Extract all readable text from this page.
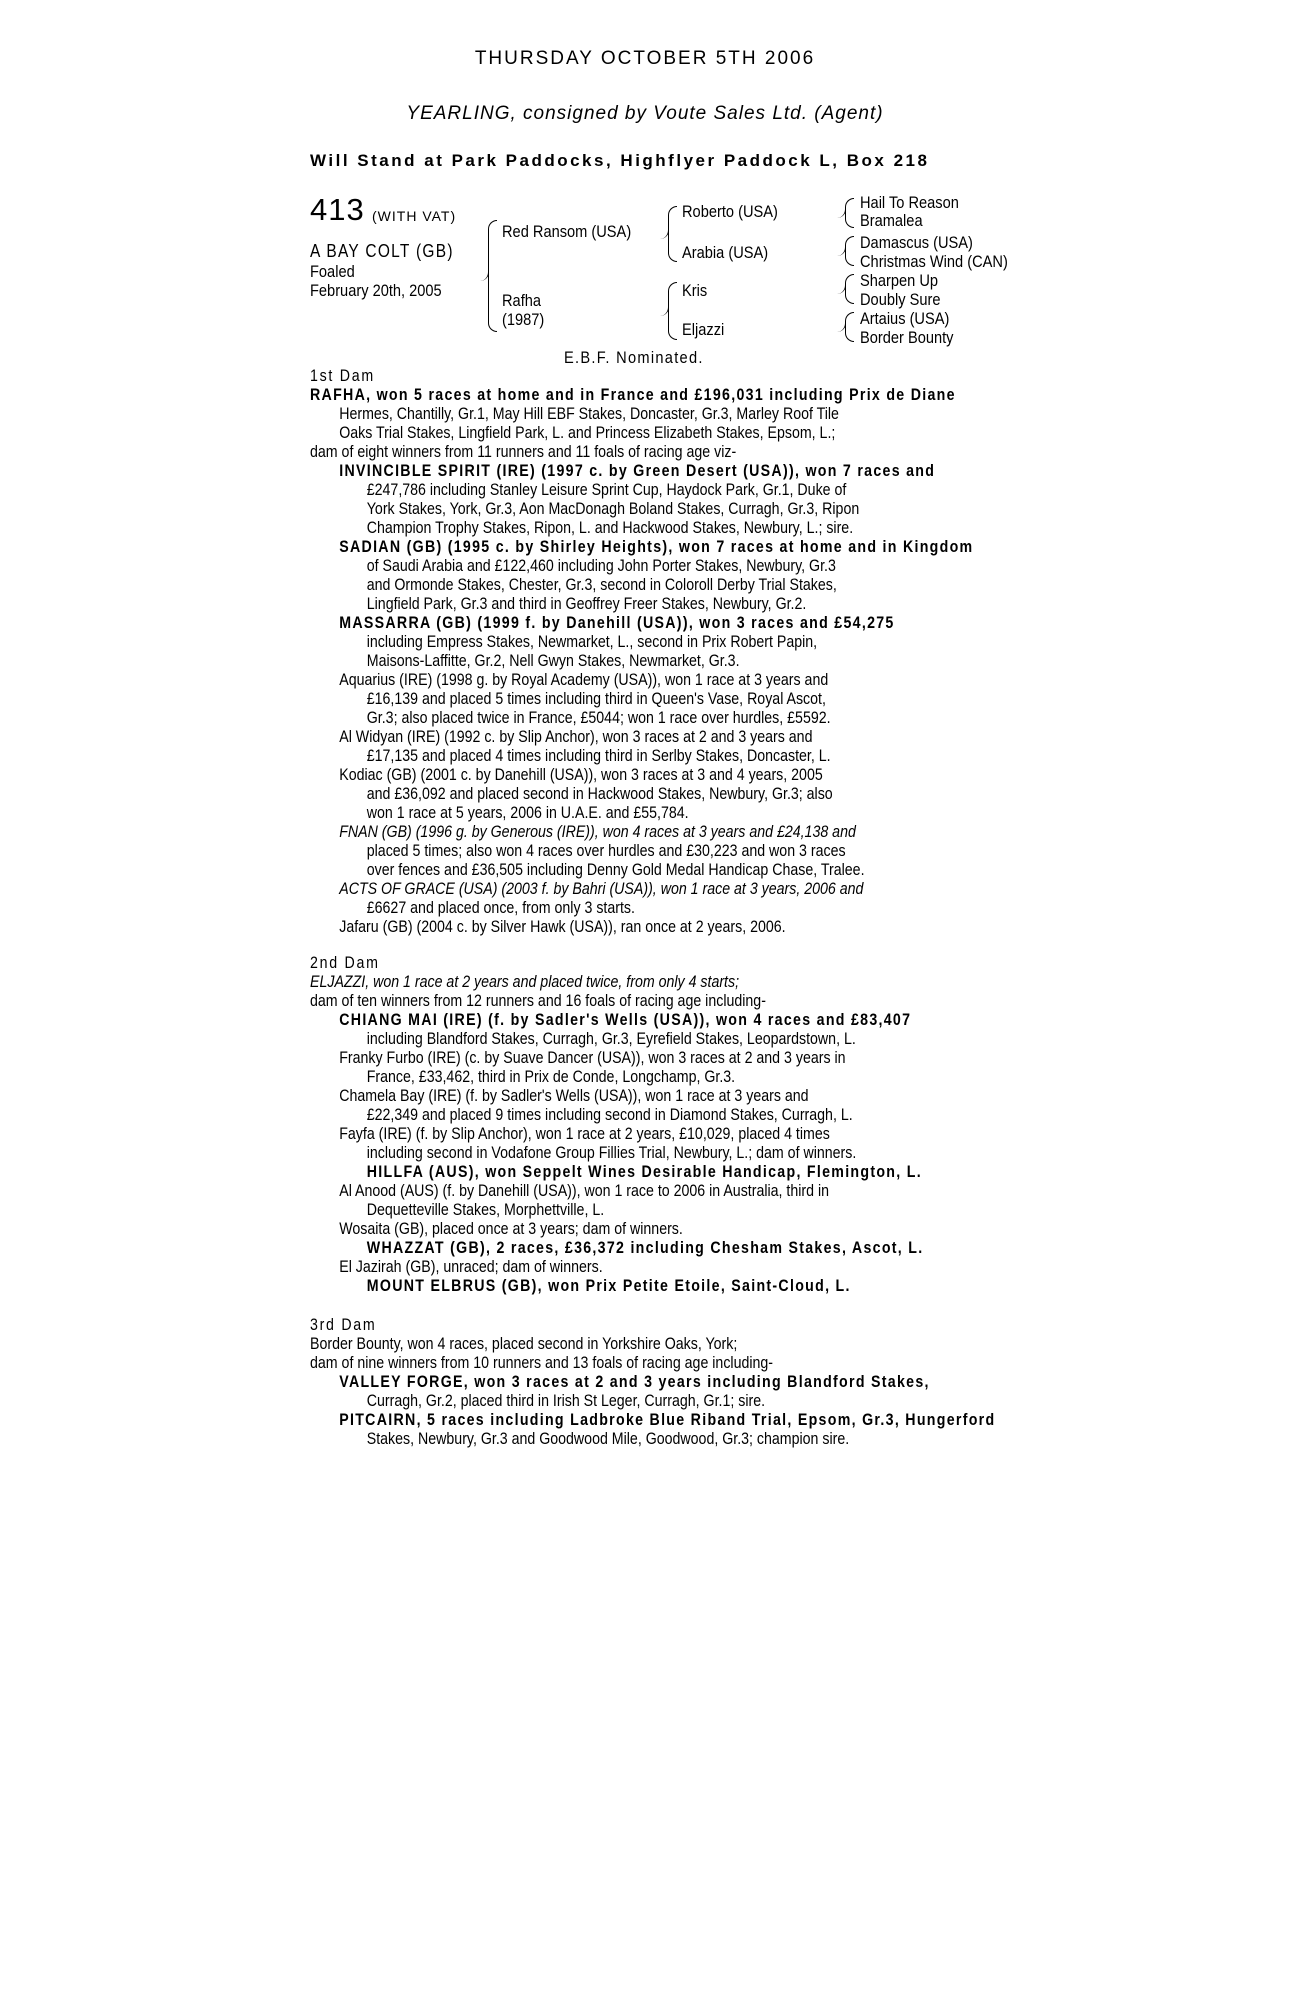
THURSDAY OCTOBER 5TH 2006
YEARLING, consigned by Voute Sales Ltd. (Agent)
Will Stand at Park Paddocks, Highflyer Paddock L, Box 218
413 (WITH VAT)
A BAY COLT (GB)
Foaled
February 20th, 2005
Red Ransom (USA)
Rafha
(1987)
Roberto (USA)
Arabia (USA)
Kris
Eljazzi
Hail To Reason
Bramalea
Damascus (USA)
Christmas Wind (CAN)
Sharpen Up
Doubly Sure
Artaius (USA)
Border Bounty
E.B.F. Nominated.
1st Dam
RAFHA, won 5 races at home and in France and £196,031 including Prix de Diane
Hermes, Chantilly, Gr.1, May Hill EBF Stakes, Doncaster, Gr.3, Marley Roof Tile
Oaks Trial Stakes, Lingfield Park, L. and Princess Elizabeth Stakes, Epsom, L.;
dam of eight winners from 11 runners and 11 foals of racing age viz-
INVINCIBLE SPIRIT (IRE) (1997 c. by Green Desert (USA)), won 7 races and
£247,786 including Stanley Leisure Sprint Cup, Haydock Park, Gr.1, Duke of
York Stakes, York, Gr.3, Aon MacDonagh Boland Stakes, Curragh, Gr.3, Ripon
Champion Trophy Stakes, Ripon, L. and Hackwood Stakes, Newbury, L.; sire.
SADIAN (GB) (1995 c. by Shirley Heights), won 7 races at home and in Kingdom
of Saudi Arabia and £122,460 including John Porter Stakes, Newbury, Gr.3
and Ormonde Stakes, Chester, Gr.3, second in Coloroll Derby Trial Stakes,
Lingfield Park, Gr.3 and third in Geoffrey Freer Stakes, Newbury, Gr.2.
MASSARRA (GB) (1999 f. by Danehill (USA)), won 3 races and £54,275
including Empress Stakes, Newmarket, L., second in Prix Robert Papin,
Maisons-Laffitte, Gr.2, Nell Gwyn Stakes, Newmarket, Gr.3.
Aquarius (IRE) (1998 g. by Royal Academy (USA)), won 1 race at 3 years and
£16,139 and placed 5 times including third in Queen's Vase, Royal Ascot,
Gr.3; also placed twice in France, £5044; won 1 race over hurdles, £5592.
Al Widyan (IRE) (1992 c. by Slip Anchor), won 3 races at 2 and 3 years and
£17,135 and placed 4 times including third in Serlby Stakes, Doncaster, L.
Kodiac (GB) (2001 c. by Danehill (USA)), won 3 races at 3 and 4 years, 2005
and £36,092 and placed second in Hackwood Stakes, Newbury, Gr.3; also
won 1 race at 5 years, 2006 in U.A.E. and £55,784.
FNAN (GB) (1996 g. by Generous (IRE)), won 4 races at 3 years and £24,138 and
placed 5 times; also won 4 races over hurdles and £30,223 and won 3 races
over fences and £36,505 including Denny Gold Medal Handicap Chase, Tralee.
ACTS OF GRACE (USA) (2003 f. by Bahri (USA)), won 1 race at 3 years, 2006 and
£6627 and placed once, from only 3 starts.
Jafaru (GB) (2004 c. by Silver Hawk (USA)), ran once at 2 years, 2006.
2nd Dam
ELJAZZI, won 1 race at 2 years and placed twice, from only 4 starts;
dam of ten winners from 12 runners and 16 foals of racing age including-
CHIANG MAI (IRE) (f. by Sadler's Wells (USA)), won 4 races and £83,407
including Blandford Stakes, Curragh, Gr.3, Eyrefield Stakes, Leopardstown, L.
Franky Furbo (IRE) (c. by Suave Dancer (USA)), won 3 races at 2 and 3 years in
France, £33,462, third in Prix de Conde, Longchamp, Gr.3.
Chamela Bay (IRE) (f. by Sadler's Wells (USA)), won 1 race at 3 years and
£22,349 and placed 9 times including second in Diamond Stakes, Curragh, L.
Fayfa (IRE) (f. by Slip Anchor), won 1 race at 2 years, £10,029, placed 4 times
including second in Vodafone Group Fillies Trial, Newbury, L.; dam of winners.
HILLFA (AUS), won Seppelt Wines Desirable Handicap, Flemington, L.
Al Anood (AUS) (f. by Danehill (USA)), won 1 race to 2006 in Australia, third in
Dequetteville Stakes, Morphettville, L.
Wosaita (GB), placed once at 3 years; dam of winners.
WHAZZAT (GB), 2 races, £36,372 including Chesham Stakes, Ascot, L.
El Jazirah (GB), unraced; dam of winners.
MOUNT ELBRUS (GB), won Prix Petite Etoile, Saint-Cloud, L.
3rd Dam
Border Bounty, won 4 races, placed second in Yorkshire Oaks, York;
dam of nine winners from 10 runners and 13 foals of racing age including-
VALLEY FORGE, won 3 races at 2 and 3 years including Blandford Stakes,
Curragh, Gr.2, placed third in Irish St Leger, Curragh, Gr.1; sire.
PITCAIRN, 5 races including Ladbroke Blue Riband Trial, Epsom, Gr.3, Hungerford
Stakes, Newbury, Gr.3 and Goodwood Mile, Goodwood, Gr.3; champion sire.
